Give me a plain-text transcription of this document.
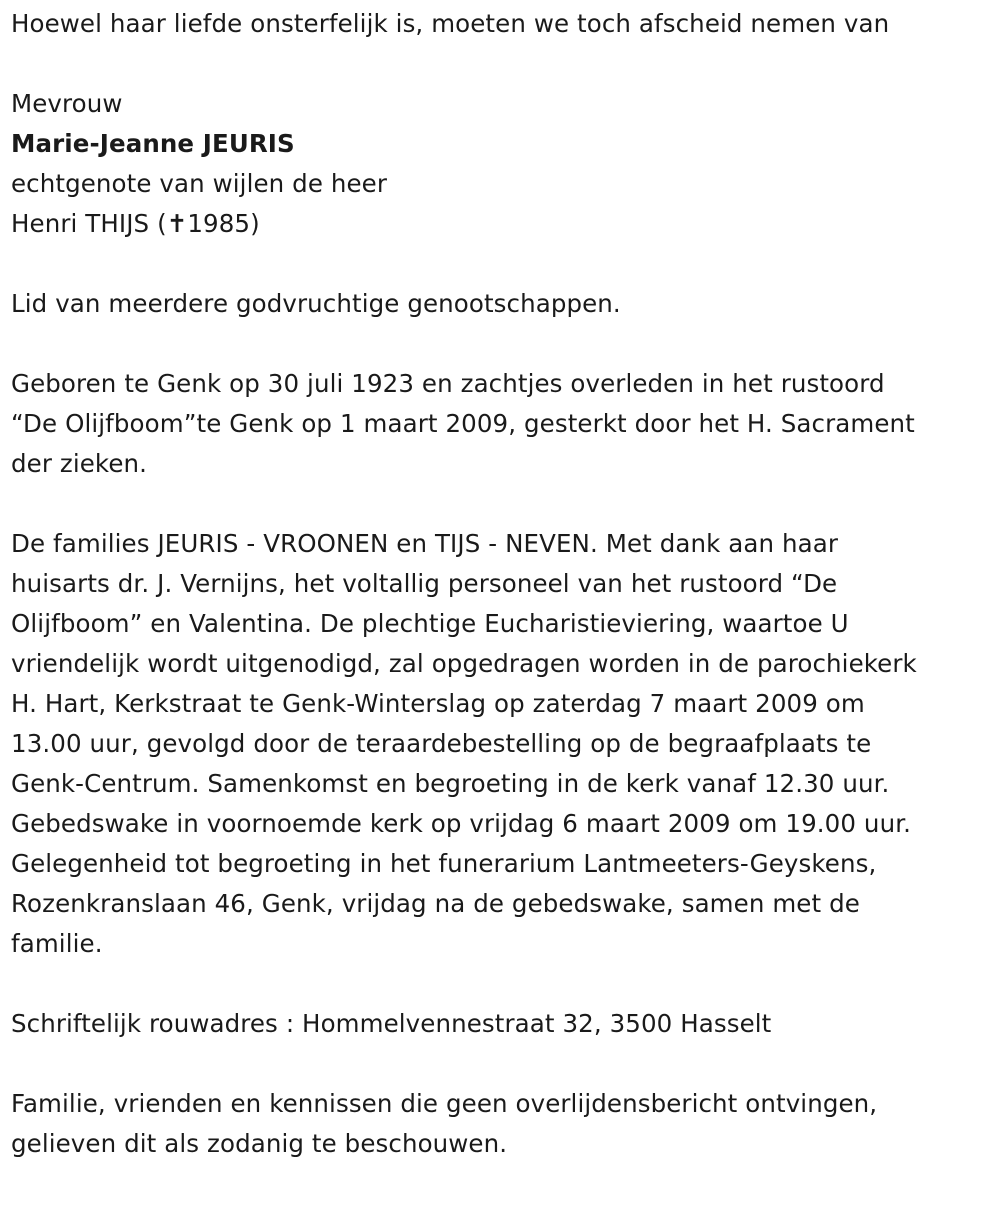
Hoewel haar liefde onsterfelijk is, moeten we toch afscheid nemen van
Mevrouw
Marie-Jeanne JEURIS
echtgenote van wijlen de heer
Henri THIJS (✝1985)
Lid van meerdere godvruchtige genootschappen.
Geboren te Genk op 30 juli 1923 en zachtjes overleden in het rustoord
“De Olijfboom”te Genk op 1 maart 2009, gesterkt door het H. Sacrament
der zieken.
De families JEURIS - VROONEN en TIJS - NEVEN. Met dank aan haar
huisarts dr. J. Vernijns, het voltallig personeel van het rustoord “De
Olijfboom” en Valentina. De plechtige Eucharistieviering, waartoe U
vriendelijk wordt uitgenodigd, zal opgedragen worden in de parochiekerk
H. Hart, Kerkstraat te Genk-Winterslag op zaterdag 7 maart 2009 om
13.00 uur, gevolgd door de teraardebestelling op de begraafplaats te
Genk-Centrum. Samenkomst en begroeting in de kerk vanaf 12.30 uur.
Gebedswake in voornoemde kerk op vrijdag 6 maart 2009 om 19.00 uur.
Gelegenheid tot begroeting in het funerarium Lantmeeters-Geyskens,
Rozenkranslaan 46, Genk, vrijdag na de gebedswake, samen met de
familie.
Schriftelijk rouwadres : Hommelvennestraat 32, 3500 Hasselt
Familie, vrienden en kennissen die geen overlijdensbericht ontvingen,
gelieven dit als zodanig te beschouwen.
